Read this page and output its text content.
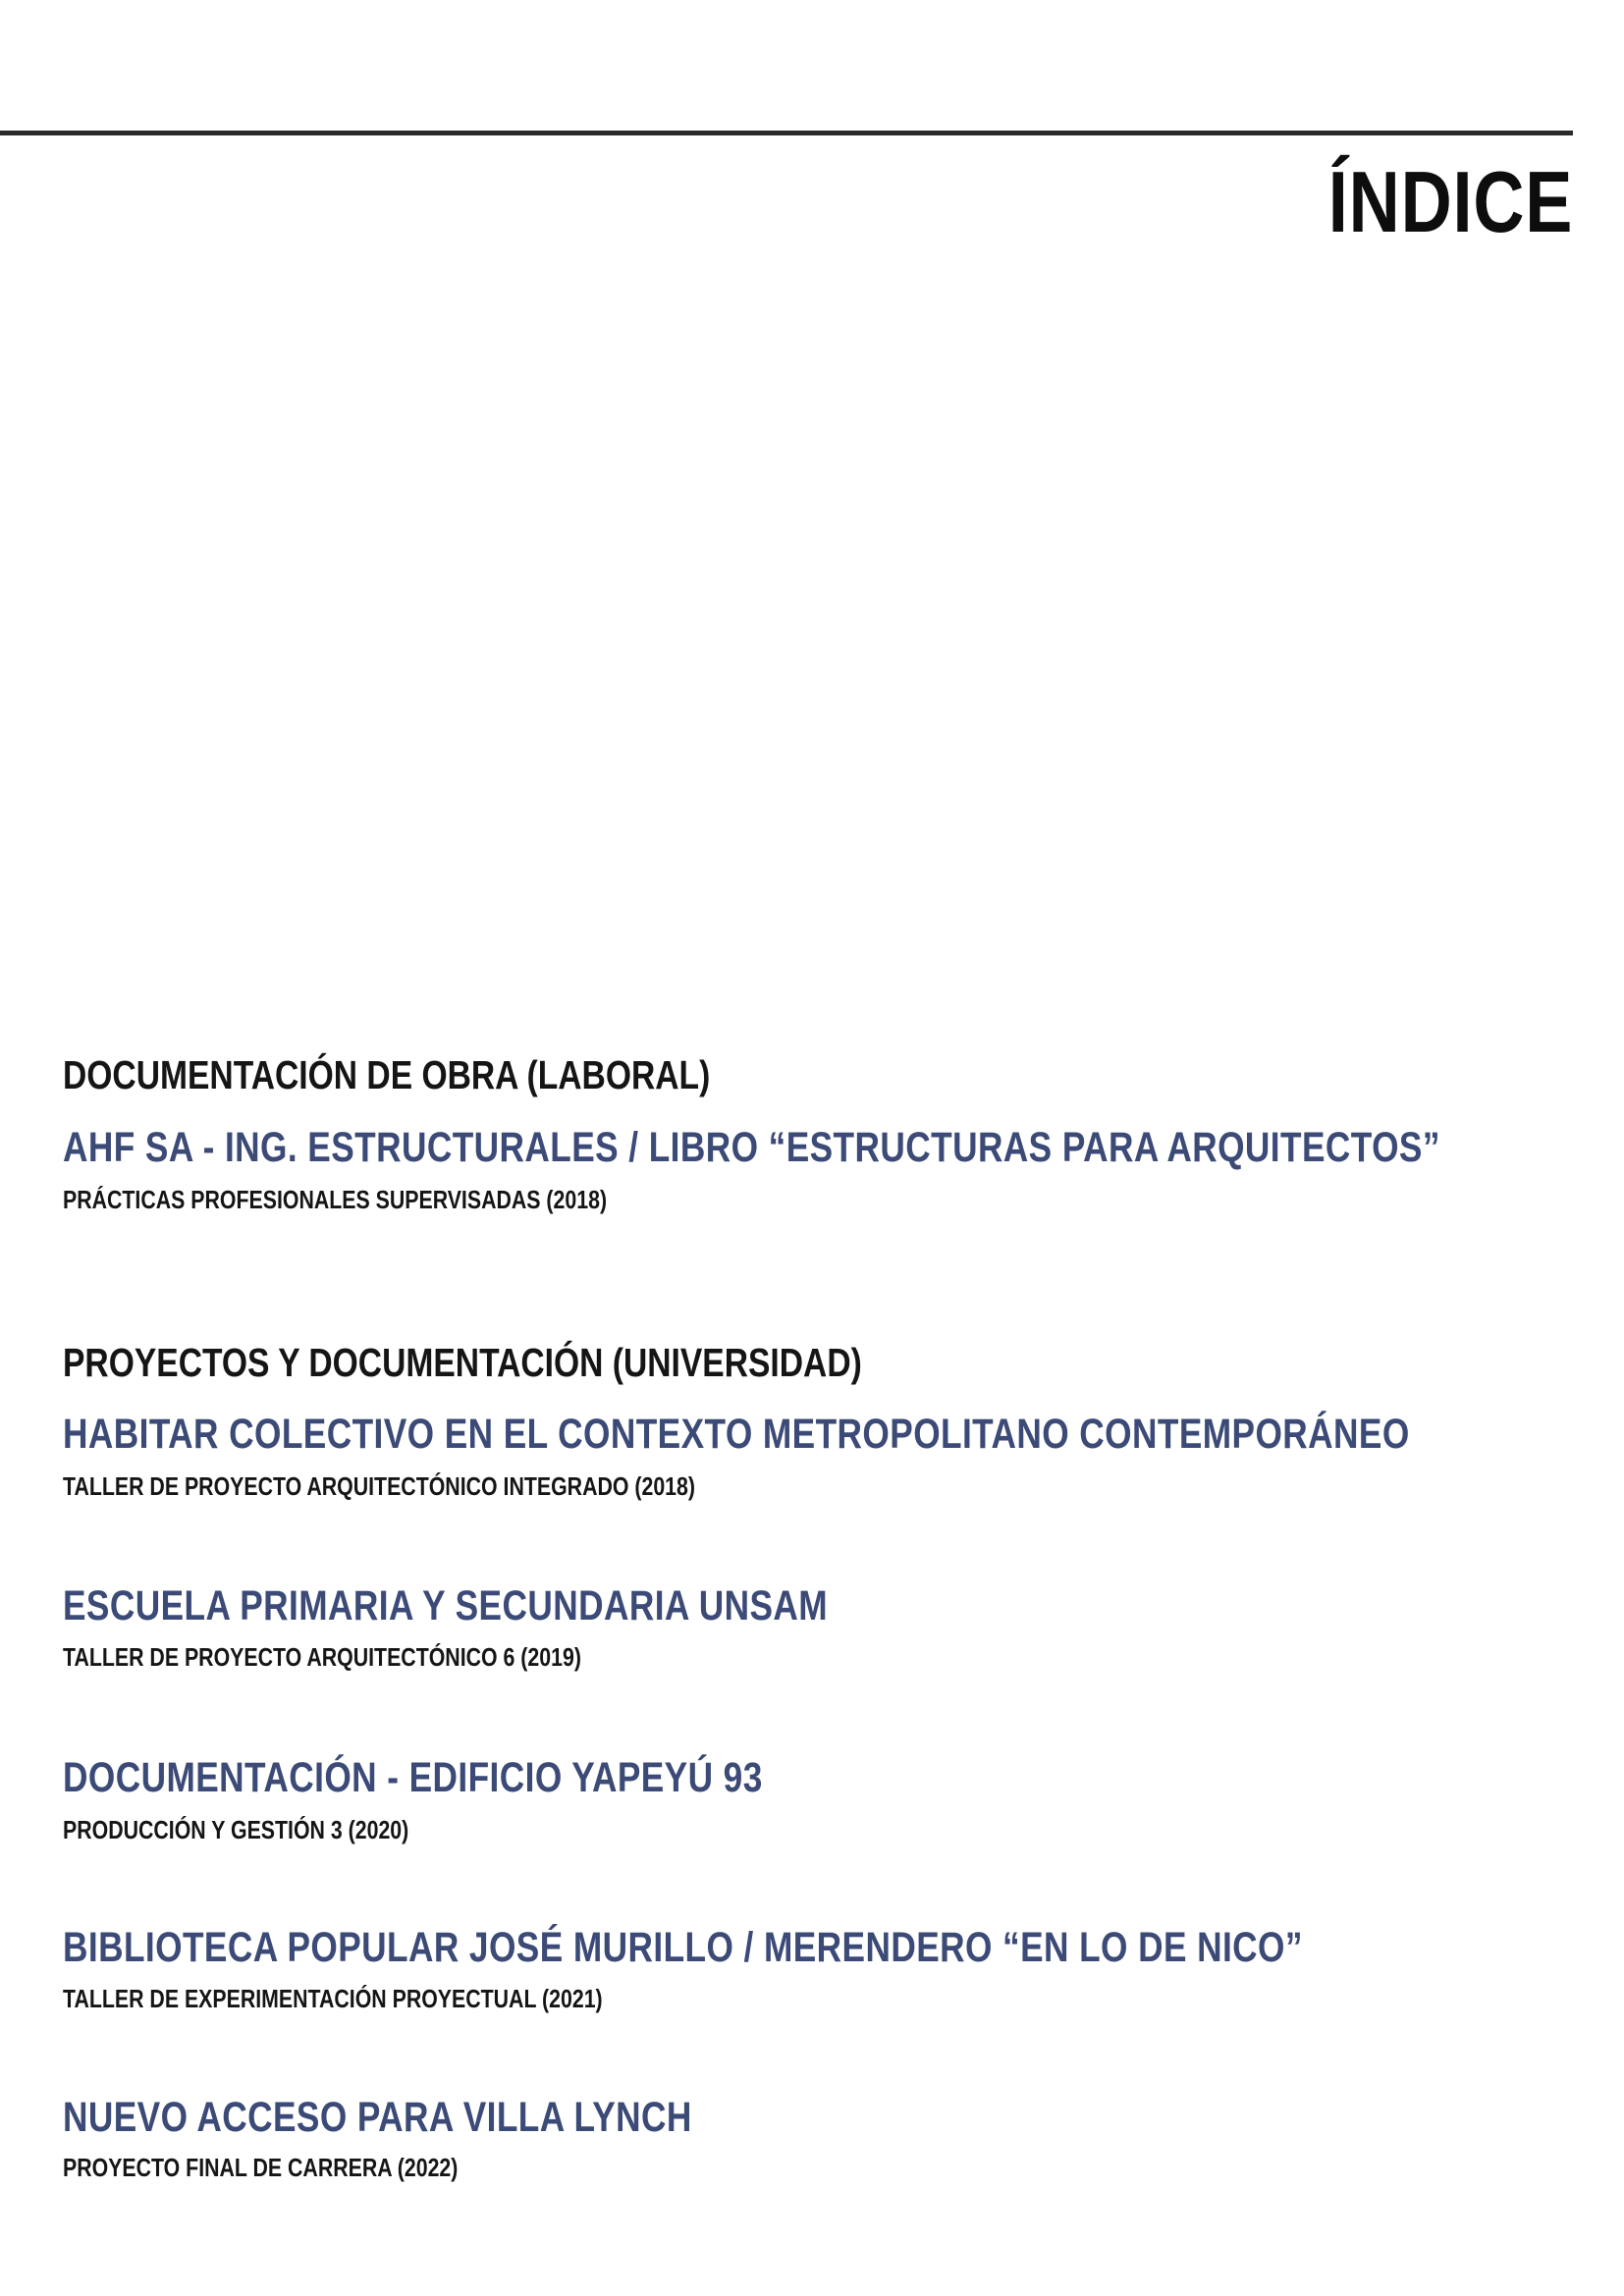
ÍNDICE
DOCUMENTACIÓN DE OBRA (LABORAL)
AHF SA - ING. ESTRUCTURALES / LIBRO “ESTRUCTURAS PARA ARQUITECTOS”

PRÁCTICAS PROFESIONALES SUPERVISADAS (2018)

PROYECTOS Y DOCUMENTACIÓN (UNIVERSIDAD)
HABITAR COLECTIVO EN EL CONTEXTO METROPOLITANO CONTEMPORÁNEO

TALLER DE PROYECTO ARQUITECTÓNICO INTEGRADO (2018)

ESCUELA PRIMARIA Y SECUNDARIA UNSAM

TALLER DE PROYECTO ARQUITECTÓNICO 6 (2019)

DOCUMENTACIÓN - EDIFICIO YAPEYÚ 93

PRODUCCIÓN Y GESTIÓN 3 (2020)

BIBLIOTECA POPULAR JOSÉ MURILLO / MERENDERO “EN LO DE NICO”

TALLER DE EXPERIMENTACIÓN PROYECTUAL (2021)

NUEVO ACCESO PARA VILLA LYNCH

PROYECTO FINAL DE CARRERA (2022)
